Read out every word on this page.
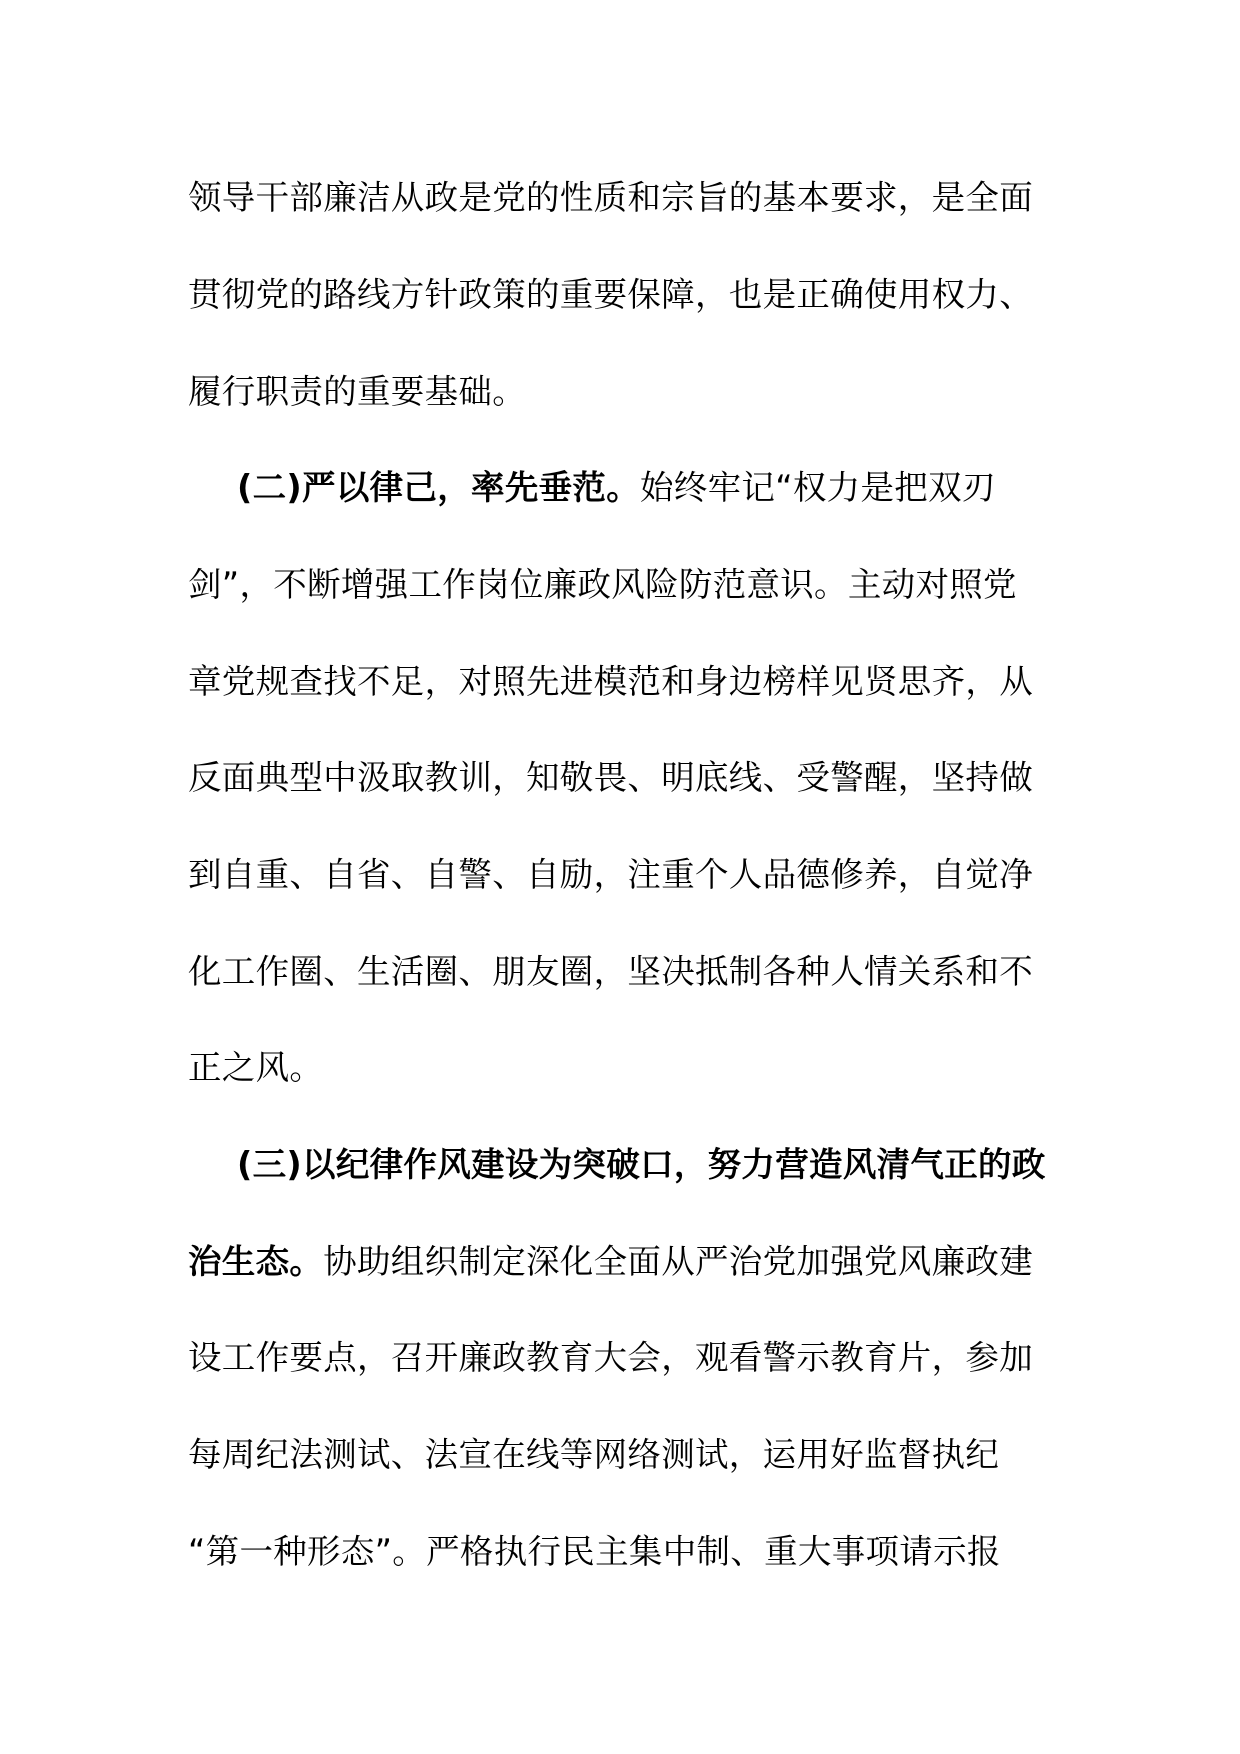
领导干部廉洁从政是党的性质和宗旨的基本要求，是全面
贯彻党的路线方针政策的重要保障，也是正确使用权力、
履行职责的重要基础。
(二)严以律己，率先垂范。始终牢记“权力是把双刃
剑”，不断增强工作岗位廉政风险防范意识。主动对照党
章党规查找不足，对照先进模范和身边榜样见贤思齐，从
反面典型中汲取教训，知敬畏、明底线、受警醒，坚持做
到自重、自省、自警、自励，注重个人品德修养，自觉净
化工作圈、生活圈、朋友圈，坚决抵制各种人情关系和不
正之风。
(三)以纪律作风建设为突破口，努力营造风清气正的政
治生态。协助组织制定深化全面从严治党加强党风廉政建
设工作要点，召开廉政教育大会，观看警示教育片，参加
每周纪法测试、法宣在线等网络测试，运用好监督执纪
“第一种形态”。严格执行民主集中制、重大事项请示报
